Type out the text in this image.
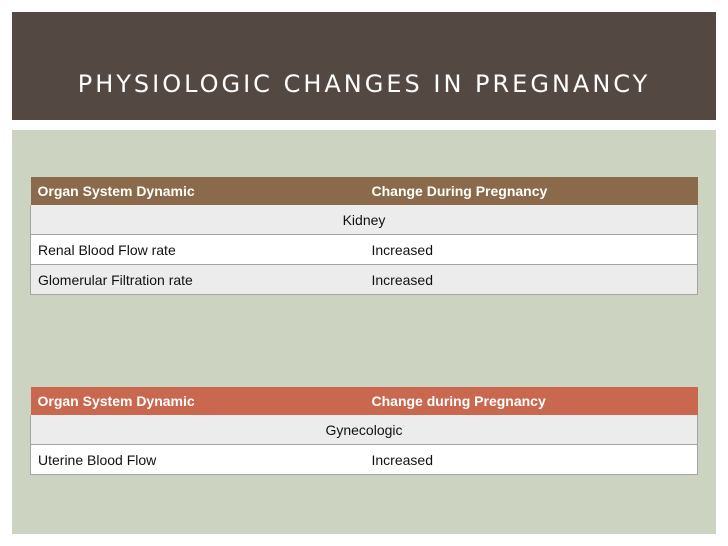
PHYSIOLOGIC CHANGES IN PREGNANCY
Organ System Dynamic	Change During Pregnancy
Kidney	
Renal Blood Flow rate	Increased
Glomerular Filtration rate	Increased
Organ System Dynamic	Change during Pregnancy
Gynecologic	
Uterine Blood Flow	Increased
